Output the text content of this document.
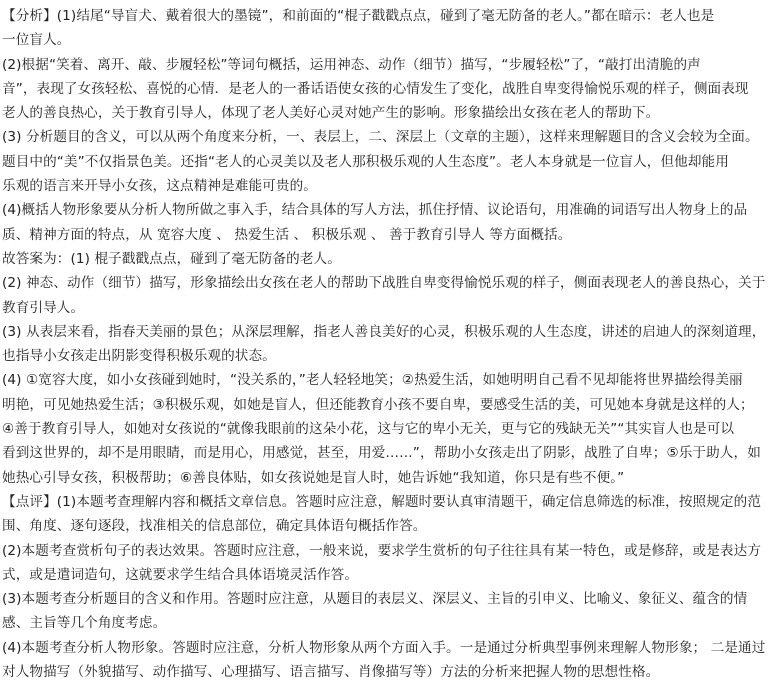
【分析】(1)结尾“导盲犬、戴着很大的墨镜”，和前面的“棍子戳戳点点，碰到了毫无防备的老人。”都在暗示：老人也是
一位盲人。
(2)根据“笑着、离开、敲、步履轻松”等词句概括，运用神态、动作（细节）描写，“步履轻松”了，“敲打出清脆的声
音”，表现了女孩轻松、喜悦的心情．是老人的一番话语使女孩的心情发生了变化，战胜自卑变得愉悦乐观的样子，侧面表现
老人的善良热心，关于教育引导人，体现了老人美好心灵对她产生的影响。形象描绘出女孩在老人的帮助下。
(3) 分析题目的含义，可以从两个角度来分析，一、表层上，二、深层上（文章的主题），这样来理解题目的含义会较为全面。
题目中的“美”不仅指景色美。还指“老人的心灵美以及老人那积极乐观的人生态度”。老人本身就是一位盲人，但他却能用
乐观的语言来开导小女孩，这点精神是难能可贵的。
(4)概括人物形象要从分析人物所做之事入手，结合具体的写人方法，抓住抒情、议论语句，用准确的词语写出人物身上的品
质、精神方面的特点，从 宽容大度 、 热爱生活 、 积极乐观 、 善于教育引导人 等方面概括。
故答案为：(1) 棍子戳戳点点，碰到了毫无防备的老人。
(2) 神态、动作（细节）描写，形象描绘出女孩在老人的帮助下战胜自卑变得愉悦乐观的样子，侧面表现老人的善良热心，关于
教育引导人。
(3) 从表层来看，指春天美丽的景色；从深层理解，指老人善良美好的心灵，积极乐观的人生态度，讲述的启迪人的深刻道理，
也指导小女孩走出阴影变得积极乐观的状态。
(4) ①宽容大度，如小女孩碰到她时，“没关系的，”老人轻轻地笑；②热爱生活，如她明明自己看不见却能将世界描绘得美丽
明艳，可见她热爱生活；③积极乐观，如她是盲人，但还能教育小孩不要自卑，要感受生活的美，可见她本身就是这样的人；
④善于教育引导人，如她对女孩说的“就像我眼前的这朵小花，这与它的卑小无关，更与它的残缺无关”“其实盲人也是可以
看到这世界的，却不是用眼睛，而是用心，用感觉，甚至，用爱……”，帮助小女孩走出了阴影，战胜了自卑；⑤乐于助人，如
她热心引导女孩，积极帮助；⑥善良体贴，如女孩说她是盲人时，她告诉她“我知道，你只是有些不便。”
【点评】(1)本题考查理解内容和概括文章信息。答题时应注意，解题时要认真审清题干，确定信息筛选的标准，按照规定的范
围、角度、逐句逐段，找准相关的信息部位，确定具体语句概括作答。
(2)本题考查赏析句子的表达效果。答题时应注意，一般来说，要求学生赏析的句子往往具有某一特色，或是修辞，或是表达方
式，或是遣词造句，这就要求学生结合具体语境灵活作答。
(3)本题考查分析题目的含义和作用。答题时应注意，从题目的表层义、深层义、主旨的引申义、比喻义、象征义、蕴含的情
感、主旨等几个角度考虑。
(4)本题考查分析人物形象。答题时应注意，分析人物形象从两个方面入手。一是通过分析典型事例来理解人物形象； 二是通过
对人物描写（外貌描写、动作描写、心理描写、语言描写、肖像描写等）方法的分析来把握人物的思想性格。
